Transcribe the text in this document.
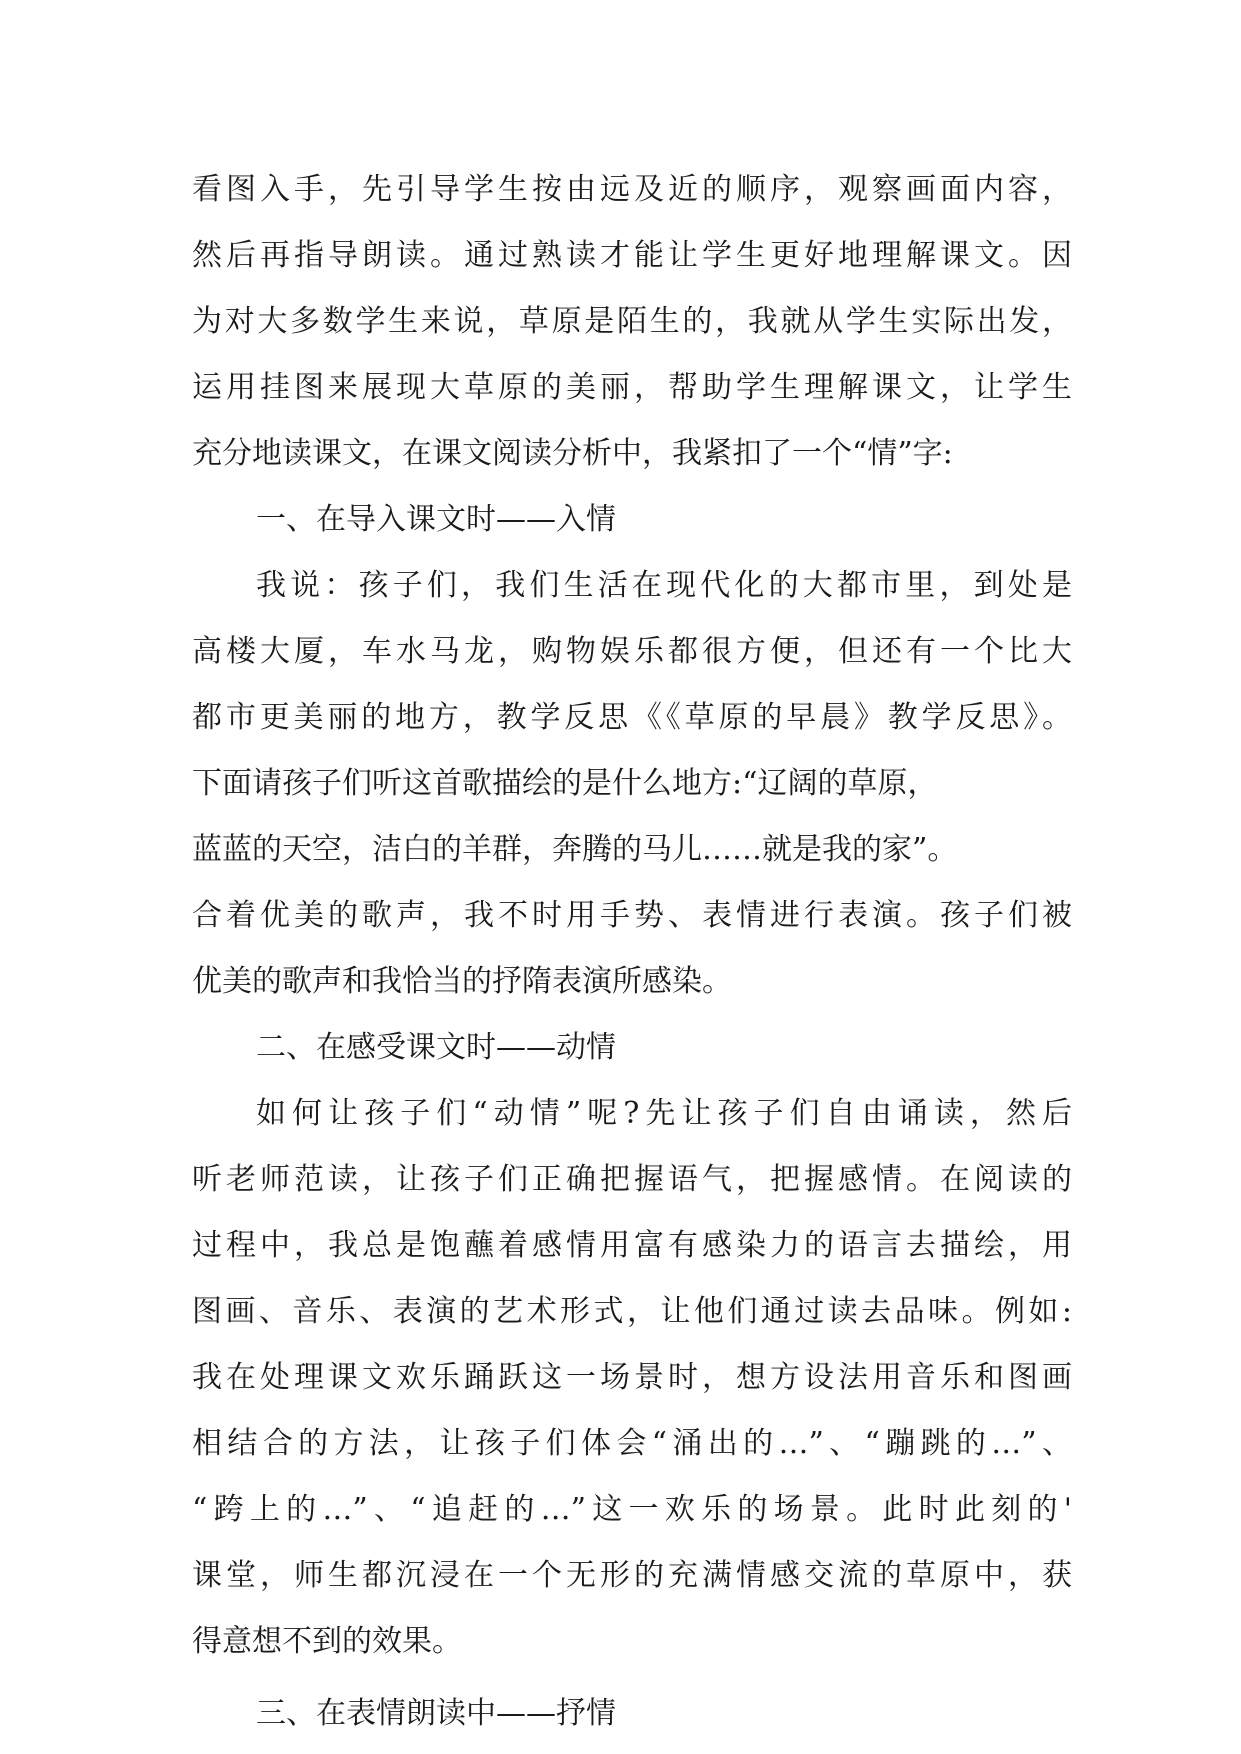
看图入手，先引导学生按由远及近的顺序，观察画面内容，
然后再指导朗读。通过熟读才能让学生更好地理解课文。因
为对大多数学生来说，草原是陌生的，我就从学生实际出发，
运用挂图来展现大草原的美丽，帮助学生理解课文，让学生
充分地读课文，在课文阅读分析中，我紧扣了一个“情”字:
一、在导入课文时——入情
我说：孩子们，我们生活在现代化的大都市里，到处是
高楼大厦，车水马龙，购物娱乐都很方便，但还有一个比大
都市更美丽的地方，教学反思《《草原的早晨》教学反思》。
下面请孩子们听这首歌描绘的是什么地方:“辽阔的草原，
蓝蓝的天空，洁白的羊群，奔腾的马儿……就是我的家”。
合着优美的歌声，我不时用手势、表情进行表演。孩子们被
优美的歌声和我恰当的抒隋表演所感染。
二、在感受课文时——动情
如何让孩子们“动情”呢?先让孩子们自由诵读，然后
听老师范读，让孩子们正确把握语气，把握感情。在阅读的
过程中，我总是饱蘸着感情用富有感染力的语言去描绘，用
图画、音乐、表演的艺术形式，让他们通过读去品味。例如:
我在处理课文欢乐踊跃这一场景时，想方设法用音乐和图画
相结合的方法，让孩子们体会“涌出的…”、“蹦跳的…”、
“跨上的…”、“追赶的…”这一欢乐的场景。此时此刻的'
课堂，师生都沉浸在一个无形的充满情感交流的草原中，获
得意想不到的效果。
三、在表情朗读中——抒情
